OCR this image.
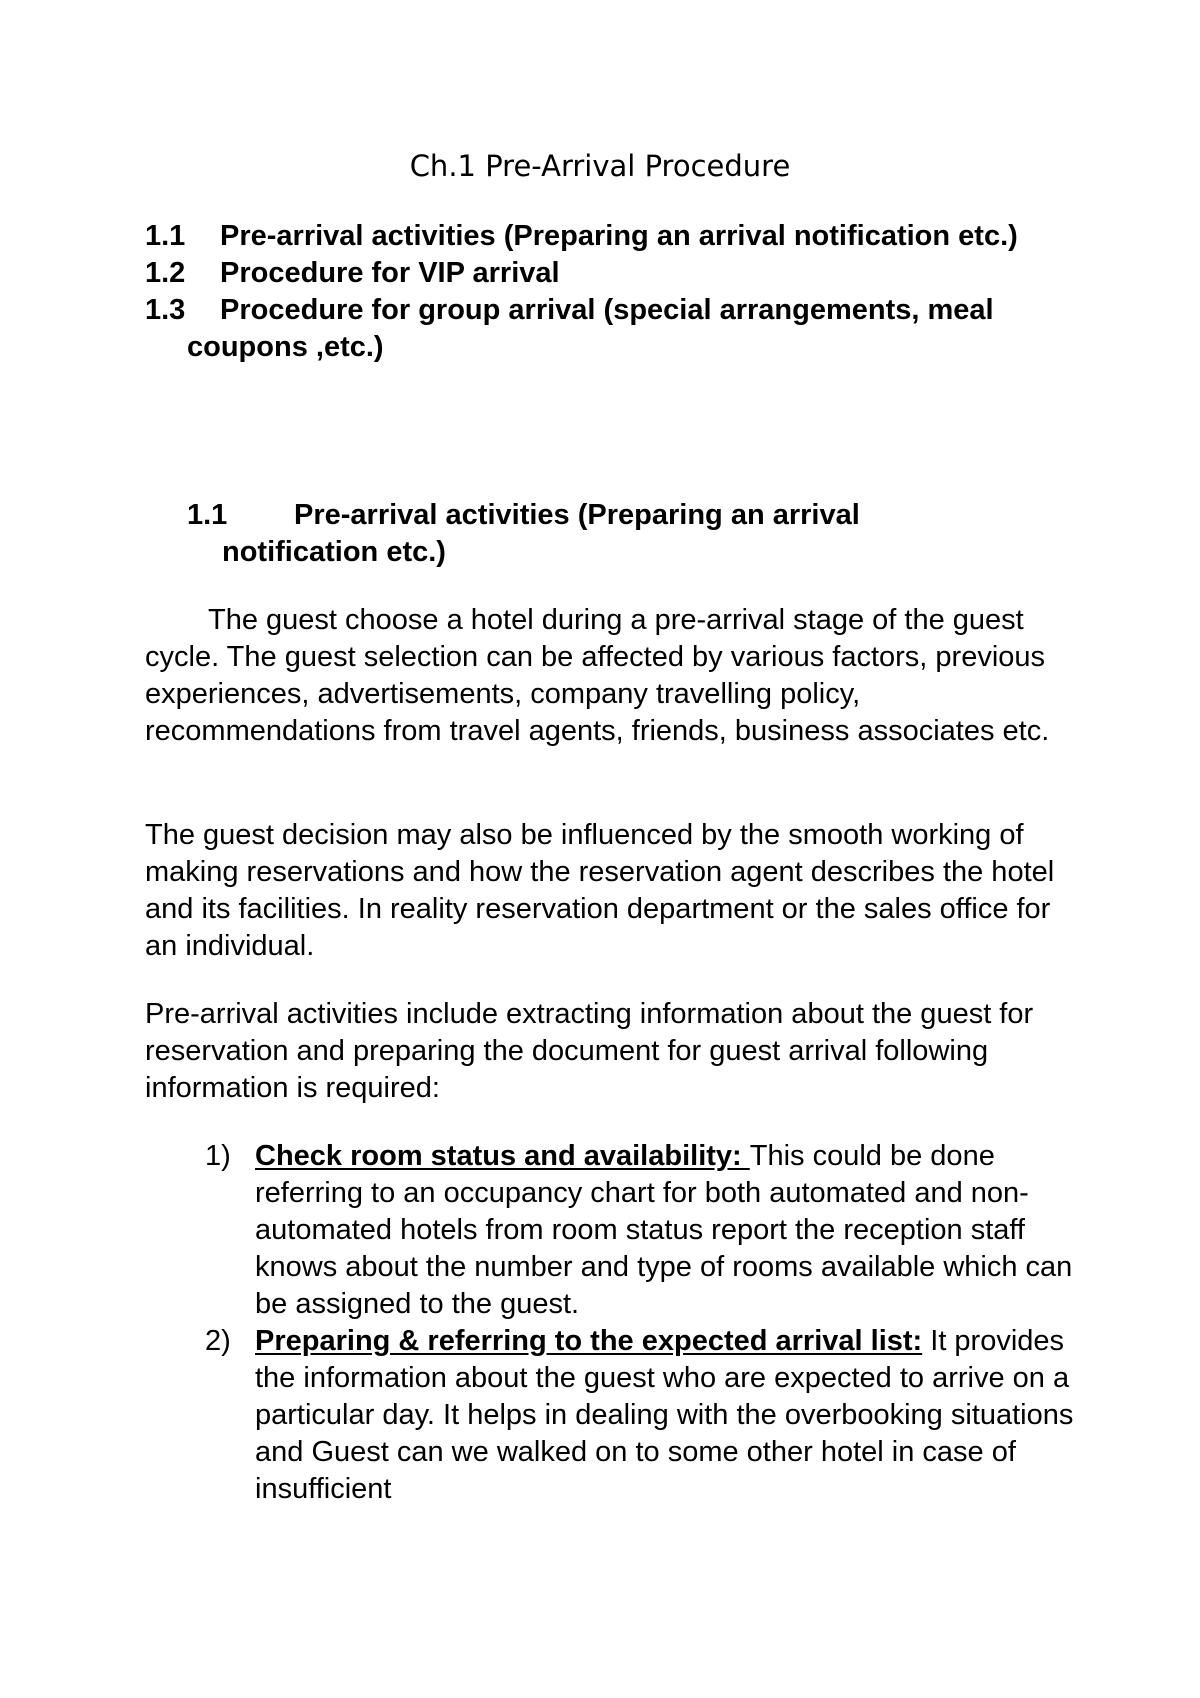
Ch.1 Pre-Arrival Procedure
1.1 Pre-arrival activities (Preparing an arrival notification etc.)
1.2 Procedure for VIP arrival
1.3 Procedure for group arrival (special arrangements, meal coupons ,etc.)
1.1 Pre-arrival activities (Preparing an arrival notification etc.)
The guest choose a hotel during a pre-arrival stage of the guest cycle. The guest selection can be affected by various factors, previous experiences, advertisements, company travelling policy, recommendations from travel agents, friends, business associates etc.
The guest decision may also be influenced by the smooth working of making reservations and how the reservation agent describes the hotel and its facilities. In reality reservation department or the sales office for an individual.
Pre-arrival activities include extracting information about the guest for reservation and preparing the document for guest arrival following information is required:
1) Check room status and availability: This could be done referring to an occupancy chart for both automated and non-automated hotels from room status report the reception staff knows about the number and type of rooms available which can be assigned to the guest.
2) Preparing & referring to the expected arrival list: It provides the information about the guest who are expected to arrive on a particular day. It helps in dealing with the overbooking situations and Guest can we walked on to some other hotel in case of insufficient
